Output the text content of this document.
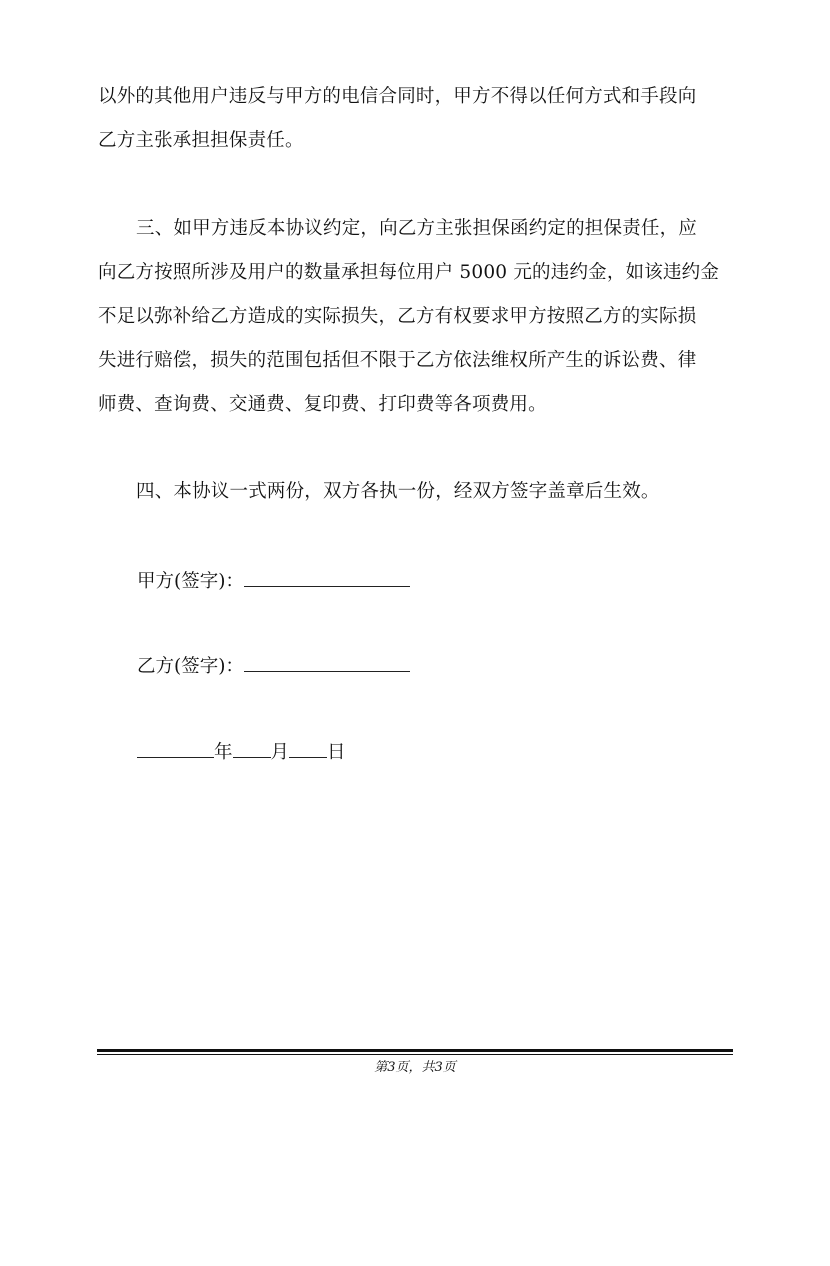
以外的其他用户违反与甲方的电信合同时，甲方不得以任何方式和手段向
乙方主张承担担保责任。

三、如甲方违反本协议约定，向乙方主张担保函约定的担保责任，应
向乙方按照所涉及用户的数量承担每位用户 5000 元的违约金，如该违约金
不足以弥补给乙方造成的实际损失，乙方有权要求甲方按照乙方的实际损
失进行赔偿，损失的范围包括但不限于乙方依法维权所产生的诉讼费、律
师费、查询费、交通费、复印费、打印费等各项费用。

四、本协议一式两份，双方各执一份，经双方签字盖章后生效。

甲方(签字)：
乙方(签字)：
年 月 日
第3页，共3页
